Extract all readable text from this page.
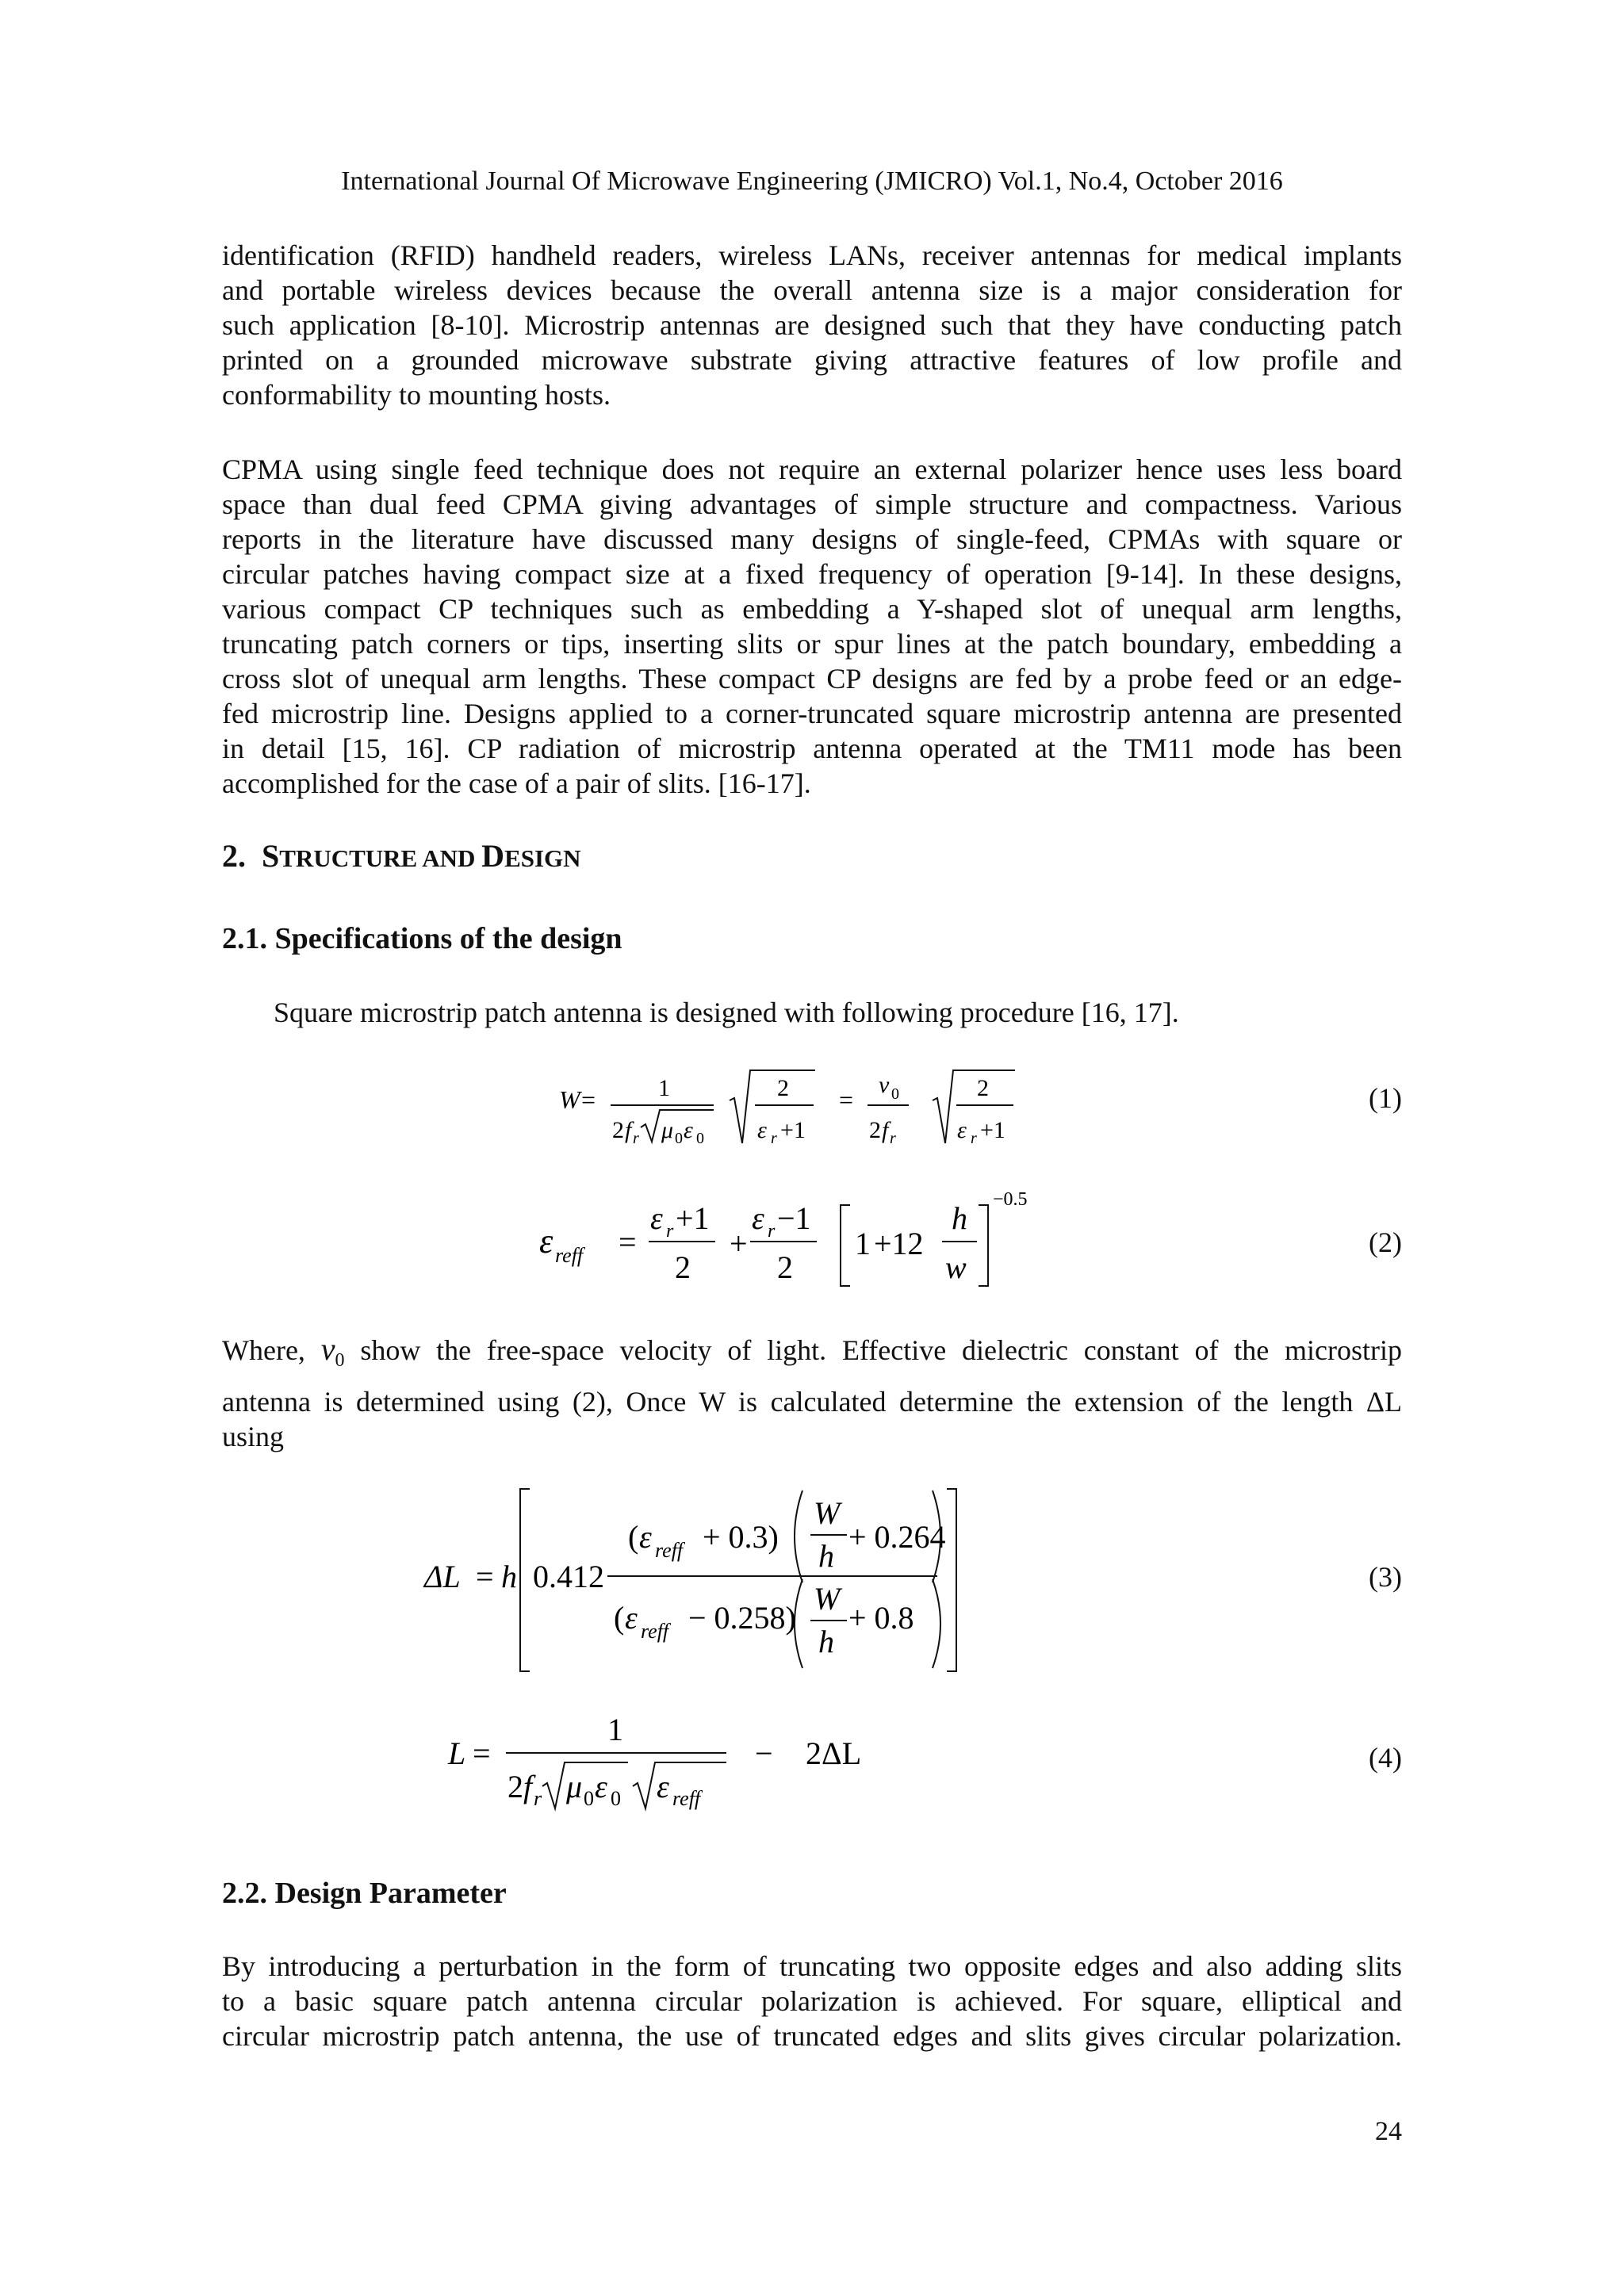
International Journal Of Microwave Engineering (JMICRO) Vol.1, No.4, October 2016
identification (RFID) handheld readers, wireless LANs, receiver antennas for medical implants
and portable wireless devices because the overall antenna size is a major consideration for
such application [8-10]. Microstrip antennas are designed such that they have conducting patch
printed on a grounded microwave substrate giving attractive features of low profile and
conformability to mounting hosts.
CPMA using single feed technique does not require an external polarizer hence uses less board
space than dual feed CPMA giving advantages of simple structure and compactness. Various
reports in the literature have discussed many designs of single-feed, CPMAs with square or
circular patches having compact size at a fixed frequency of operation [9-14]. In these designs,
various compact CP techniques such as embedding a Y-shaped slot of unequal arm lengths,
truncating patch corners or tips, inserting slits or spur lines at the patch boundary, embedding a
cross slot of unequal arm lengths. These compact CP designs are fed by a probe feed or an edge-
fed microstrip line. Designs applied to a corner-truncated square microstrip antenna are presented
in detail [15, 16]. CP radiation of microstrip antenna operated at the TM11 mode has been
accomplished for the case of a pair of slits. [16-17].
2. STRUCTURE AND DESIGN
2.1. Specifications of the design
Square microstrip patch antenna is designed with following procedure [16, 17].
W =	1
2 f r μ 0 ε 0
2
ε r +1
=
v 0
2 f r
2
ε r +1
(1)
ε reff =
ε r +1
2
+
ε r −1
2
1 +12
h
w
−0.5
(2)
Where, $v_0$ show the free-space velocity of light. Effective dielectric constant of the microstrip
antenna is determined using (2), Once W is calculated determine the extension of the length ΔL
using
ΔL = h 0.412
( ε reff + 0.3)
W
h
+ 0.264
( ε reff − 0.258)
W
h
+ 0.8
(3)
L =
1
2 f r μ 0 ε 0 ε reff
− 2ΔL	(4)
2.2. Design Parameter
By introducing a perturbation in the form of truncating two opposite edges and also adding slits
to a basic square patch antenna circular polarization is achieved. For square, elliptical and
circular microstrip patch antenna, the use of truncated edges and slits gives circular polarization.
24
